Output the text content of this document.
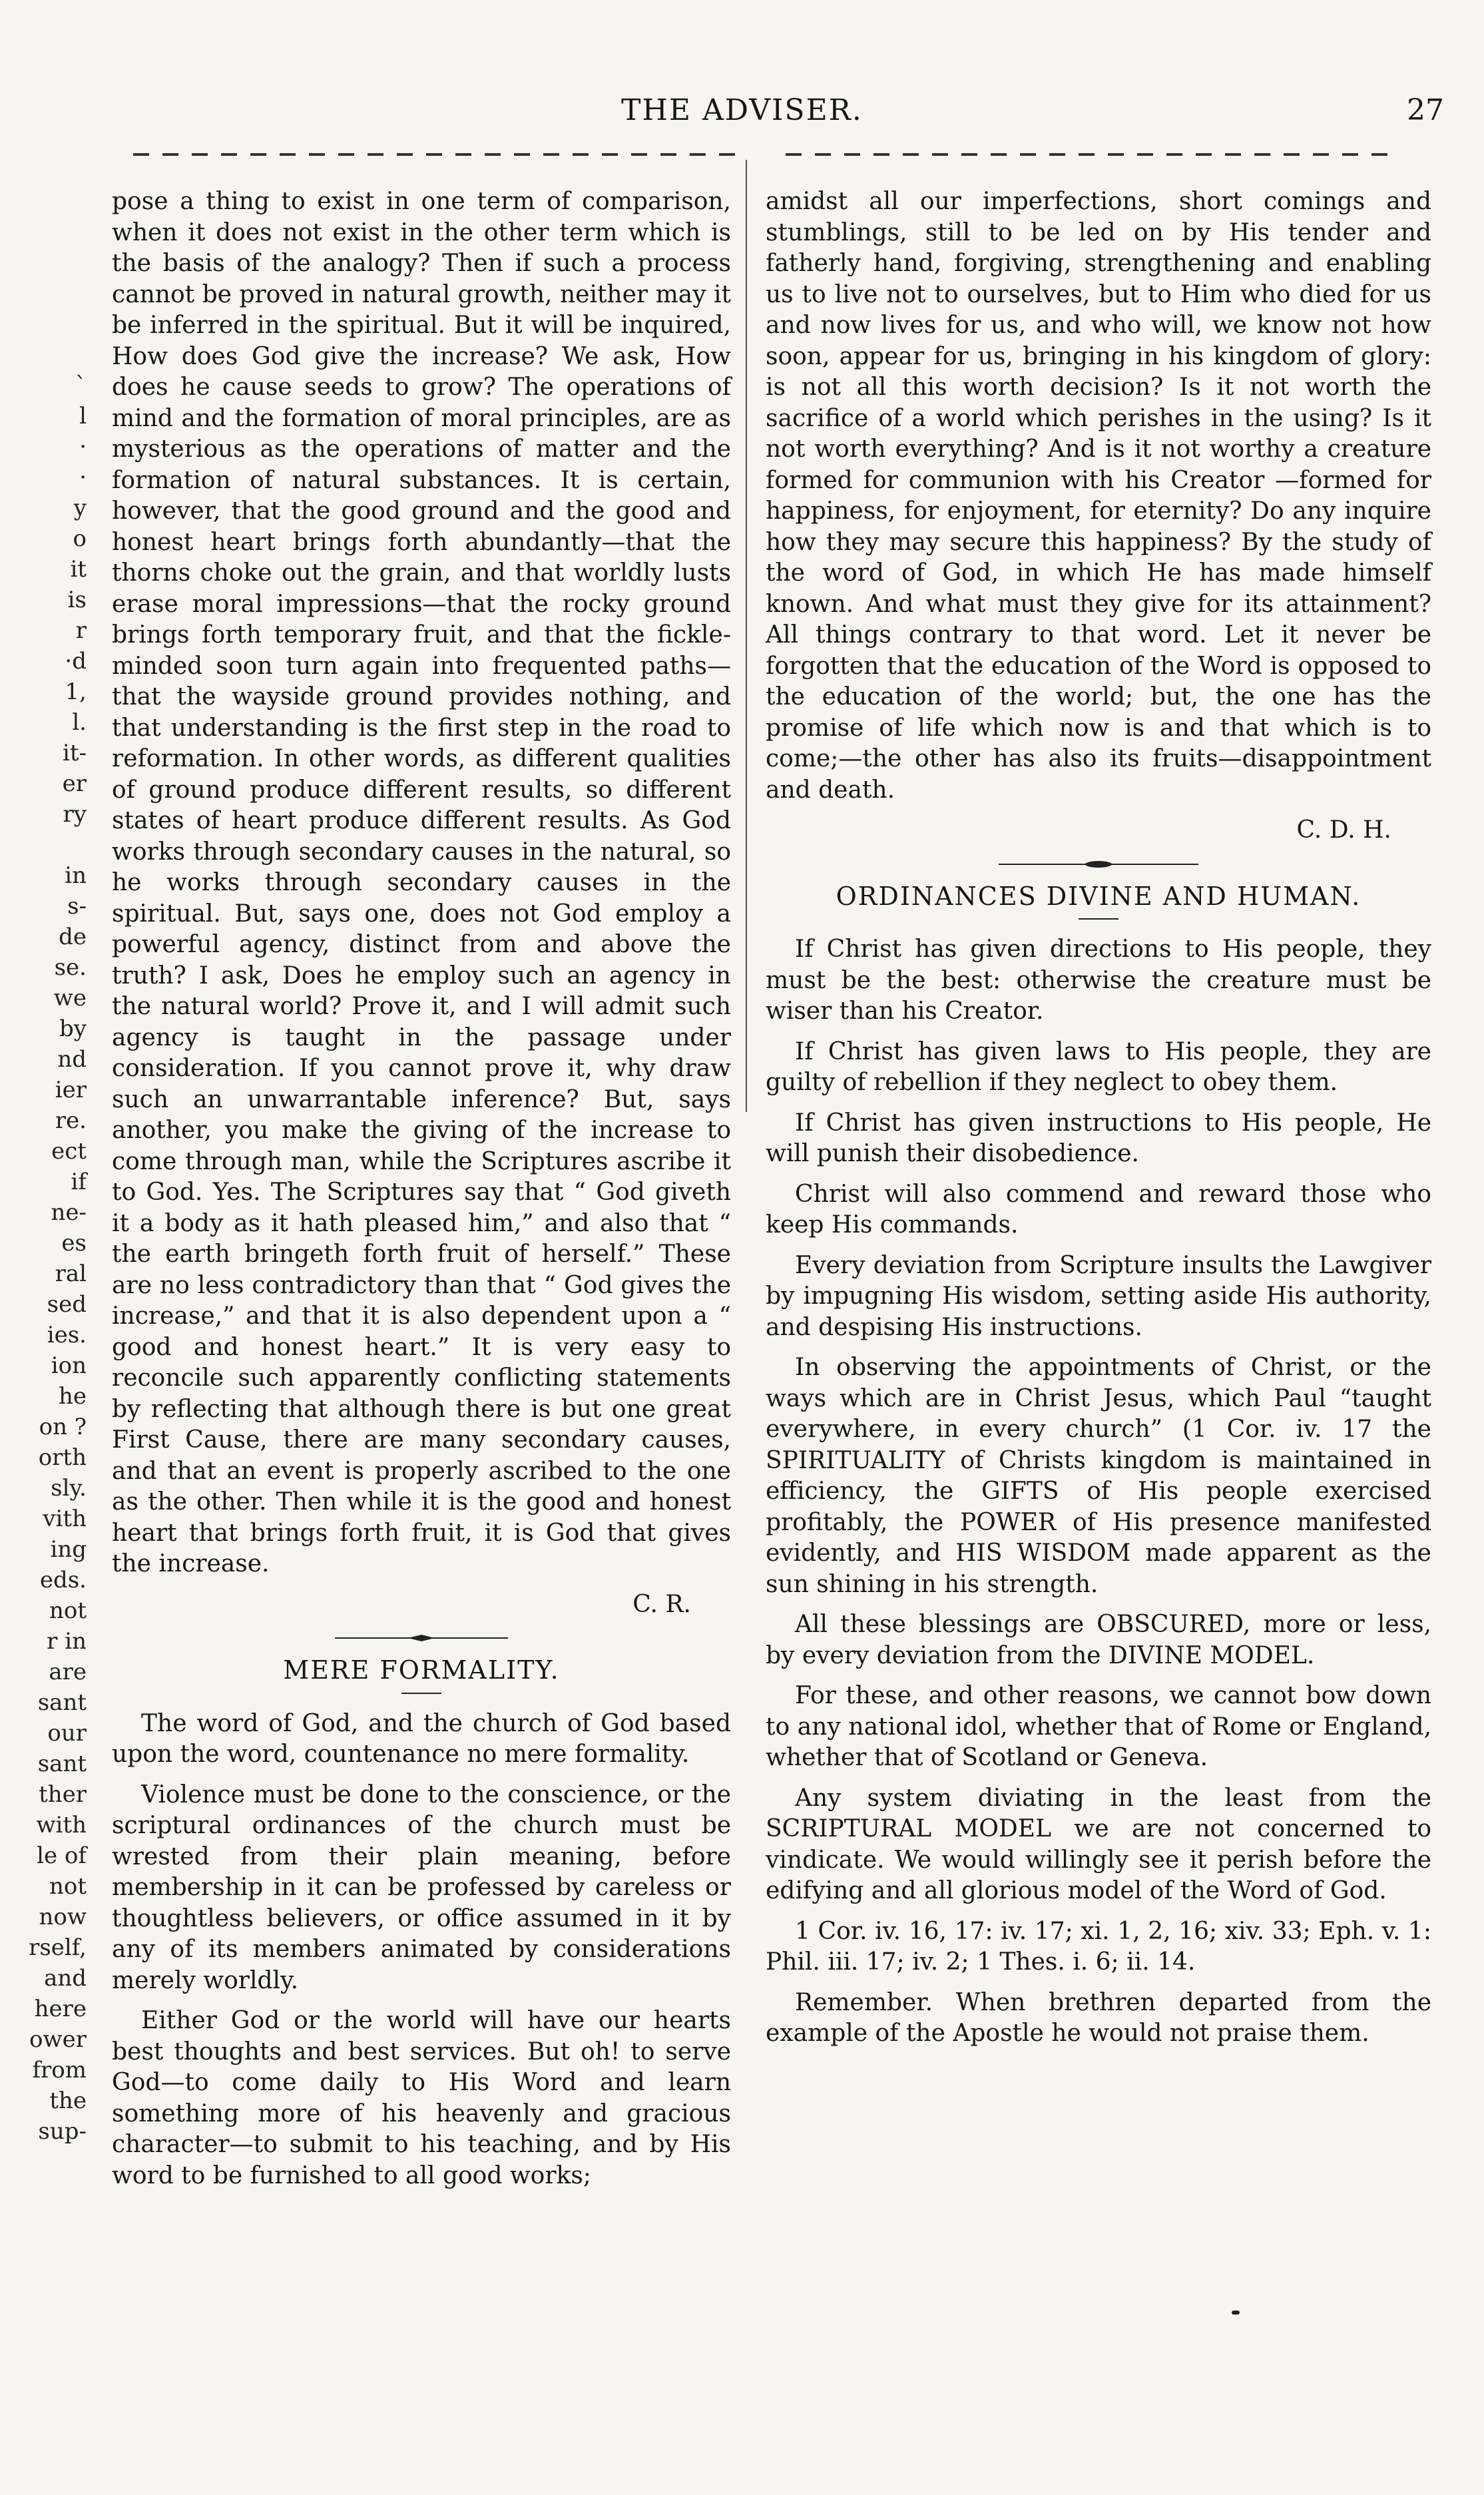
THE ADVISER.	27
`
l
·
·
y
o
it
is
r
·d
1,
l.
it-
er
ry
in
s-
de
se.
we
by
nd
ier
re.
ect
if
ne-
es
ral
sed
ies.
ion
he
on ?
orth
sly.
vith
ing
eds.
not
r in
are
sant
our
sant
ther
with
le of
not
now
rself,
and
here
ower
from
the
sup-

pose a thing to exist in one term of comparison, when it does not exist in the other term which is the basis of the analogy? Then if such a process cannot be proved in natural growth, neither may it be inferred in the spiritual. But it will be inquired, How does God give the increase? We ask, How does he cause seeds to grow? The operations of mind and the formation of moral principles, are as mysterious as the operations of matter and the formation of natural substances. It is certain, however, that the good ground and the good and honest heart brings forth abundantly—that the thorns choke out the grain, and that worldly lusts erase moral impressions—that the rocky ground brings forth temporary fruit, and that the fickle-minded soon turn again into frequented paths—that the wayside ground provides nothing, and that understanding is the first step in the road to reformation. In other words, as different qualities of ground produce different results, so different states of heart produce different results. As God works through secondary causes in the natural, so he works through secondary causes in the spiritual. But, says one, does not God employ a powerful agency, distinct from and above the truth? I ask, Does he employ such an agency in the natural world? Prove it, and I will admit such agency is taught in the passage under consideration. If you cannot prove it, why draw such an unwarrantable inference? But, says another, you make the giving of the increase to come through man, while the Scriptures ascribe it to God. Yes. The Scriptures say that “ God giveth it a body as it hath pleased him,” and also that “ the earth bringeth forth fruit of herself.” These are no less contradictory than that “ God gives the increase,” and that it is also dependent upon a “ good and honest heart.” It is very easy to reconcile such apparently conflicting statements by reflecting that although there is but one great First Cause, there are many secondary causes, and that an event is properly ascribed to the one as the other. Then while it is the good and honest heart that brings forth fruit, it is God that gives the increase.

C. R.
MERE FORMALITY.

The word of God, and the church of God based upon the word, countenance no mere formality.

Violence must be done to the conscience, or the scriptural ordinances of the church must be wrested from their plain meaning, before membership in it can be professed by careless or thoughtless believers, or office assumed in it by any of its members animated by considerations merely worldly.

Either God or the world will have our hearts best thoughts and best services. But oh! to serve God—to come daily to His Word and learn something more of his heavenly and gracious character—to submit to his teaching, and by His word to be furnished to all good works;

amidst all our imperfections, short comings and stumblings, still to be led on by His tender and fatherly hand, forgiving, strengthening and enabling us to live not to ourselves, but to Him who died for us and now lives for us, and who will, we know not how soon, appear for us, bringing in his kingdom of glory: is not all this worth decision? Is it not worth the sacrifice of a world which perishes in the using? Is it not worth everything? And is it not worthy a creature formed for communion with his Creator —formed for happiness, for enjoyment, for eternity? Do any inquire how they may secure this happiness? By the study of the word of God, in which He has made himself known. And what must they give for its attainment? All things contrary to that word. Let it never be forgotten that the education of the Word is opposed to the education of the world; but, the one has the promise of life which now is and that which is to come;—the other has also its fruits—disappointment and death.

C. D. H.
ORDINANCES DIVINE AND HUMAN.

If Christ has given directions to His people, they must be the best: otherwise the creature must be wiser than his Creator.

If Christ has given laws to His people, they are guilty of rebellion if they neglect to obey them.

If Christ has given instructions to His people, He will punish their disobedience.

Christ will also commend and reward those who keep His commands.

Every deviation from Scripture insults the Lawgiver by impugning His wisdom, setting aside His authority, and despising His instructions.

In observing the appointments of Christ, or the ways which are in Christ Jesus, which Paul “taught everywhere, in every church” (1 Cor. iv. 17 the SPIRITUALITY of Christs kingdom is maintained in efficiency, the GIFTS of His people exercised profitably, the POWER of His presence manifested evidently, and HIS WISDOM made apparent as the sun shining in his strength.

All these blessings are OBSCURED, more or less, by every deviation from the DIVINE MODEL.

For these, and other reasons, we cannot bow down to any national idol, whether that of Rome or England, whether that of Scotland or Geneva.

Any system diviating in the least from the SCRIPTURAL MODEL we are not concerned to vindicate. We would willingly see it perish before the edifying and all glorious model of the Word of God.

1 Cor. iv. 16, 17: iv. 17; xi. 1, 2, 16; xiv. 33; Eph. v. 1: Phil. iii. 17; iv. 2; 1 Thes. i. 6; ii. 14.

Remember. When brethren departed from the example of the Apostle he would not praise them.
